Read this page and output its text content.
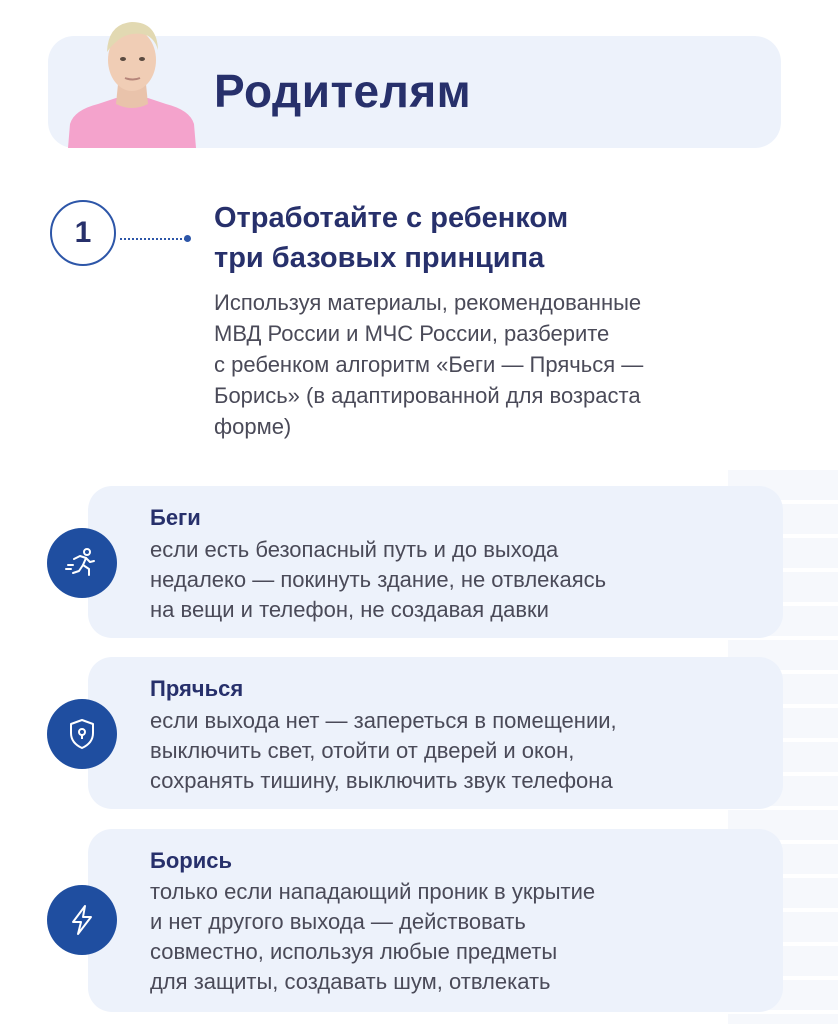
Родителям
1	Отработайте с ребенком
три базовых принципа
Используя материалы, рекомендованные
МВД России и МЧС России, разберите
с ребенком алгоритм «Беги — Прячься —
Борись» (в адаптированной для возраста
форме)
Беги
если есть безопасный путь и до выхода
недалеко — покинуть здание, не отвлекаясь
на вещи и телефон, не создавая давки
Прячься
если выхода нет — запереться в помещении,
выключить свет, отойти от дверей и окон,
сохранять тишину, выключить звук телефона
Борись
только если нападающий проник в укрытие
и нет другого выхода — действовать
совместно, используя любые предметы
для защиты, создавать шум, отвлекать
